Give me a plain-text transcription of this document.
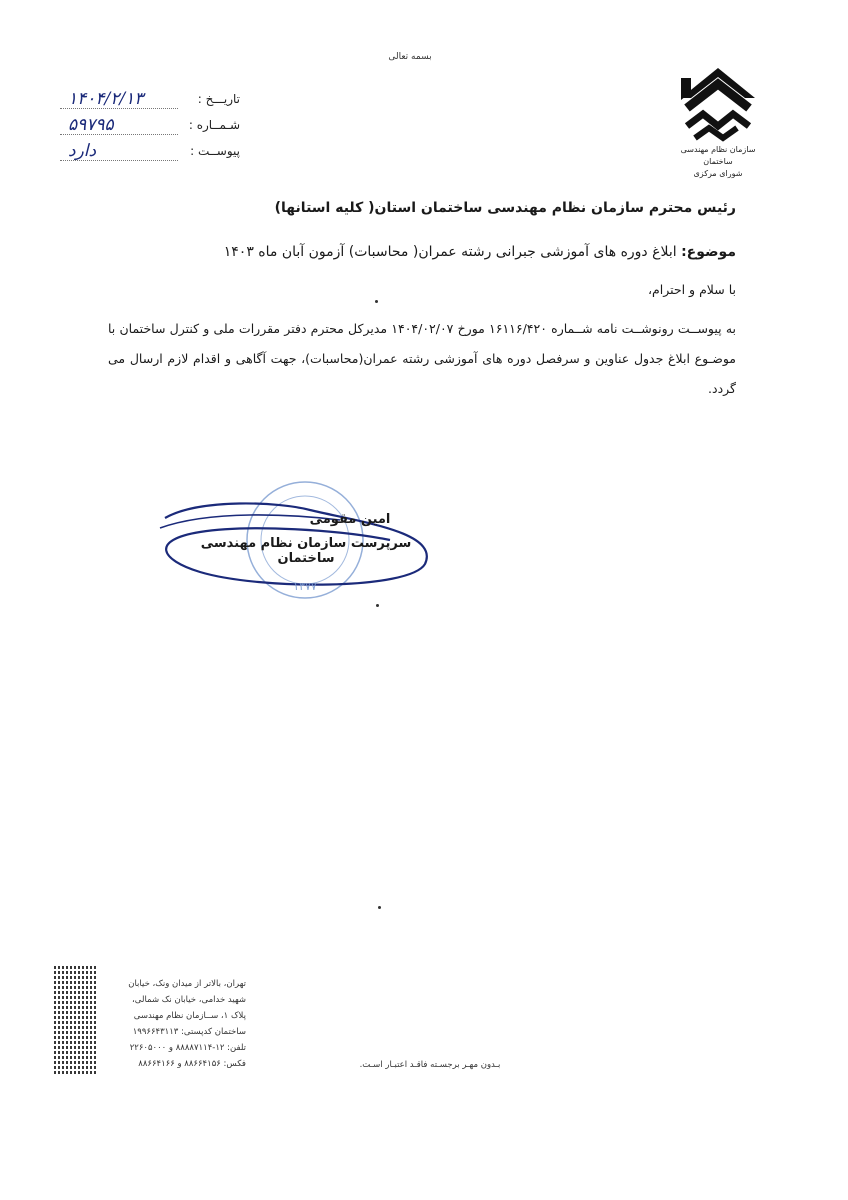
بسمه تعالی
سازمان نظام مهندسی ساختمان
شورای مرکزی
تاریـــخ :
۱۴۰۴/۲/۱۳
شـمــاره :
۵۹۷۹۵
پیوســت :
دارد
رئیس محترم سازمان نظام مهندسی ساختمان استان( کلیه استانها)
موضوع: ابلاغ دوره های آموزشی جبرانی رشته عمران( محاسبات) آزمون آبان ماه ۱۴۰۳
با سلام و احترام،
به پیوســت رونوشــت نامه شــماره ۱۶۱۱۶/۴۲۰ مورخ ۱۴۰۴/۰۲/۰۷ مدیرکل محترم دفتر مقررات ملی و کنترل ساختمان با موضـوع ابلاغ جدول عناوین و سرفصل دوره های آموزشی رشته عمران(محاسبات)، جهت آگاهی و اقدام لازم ارسال می گردد.
۱۳۷۷
امین مقومی
سرپرست سازمان نظام مهندسی ساختمان
تهران، بالاتر از میدان ونک، خیابان
شهید خدامی، خیابان نک شمالی،
پلاک ۱، ســازمان نظام مهندسی
ساختمان کدپستی: ۱۹۹۶۶۴۳۱۱۳
تلفن: ۱۲-۸۸۸۸۷۱۱۴ و ۲۲۶۰۵۰۰۰
فکس: ۸۸۶۶۴۱۵۶ و ۸۸۶۶۴۱۶۶	بـدون مهـر برجسـته فاقـد اعتبـار اسـت.
